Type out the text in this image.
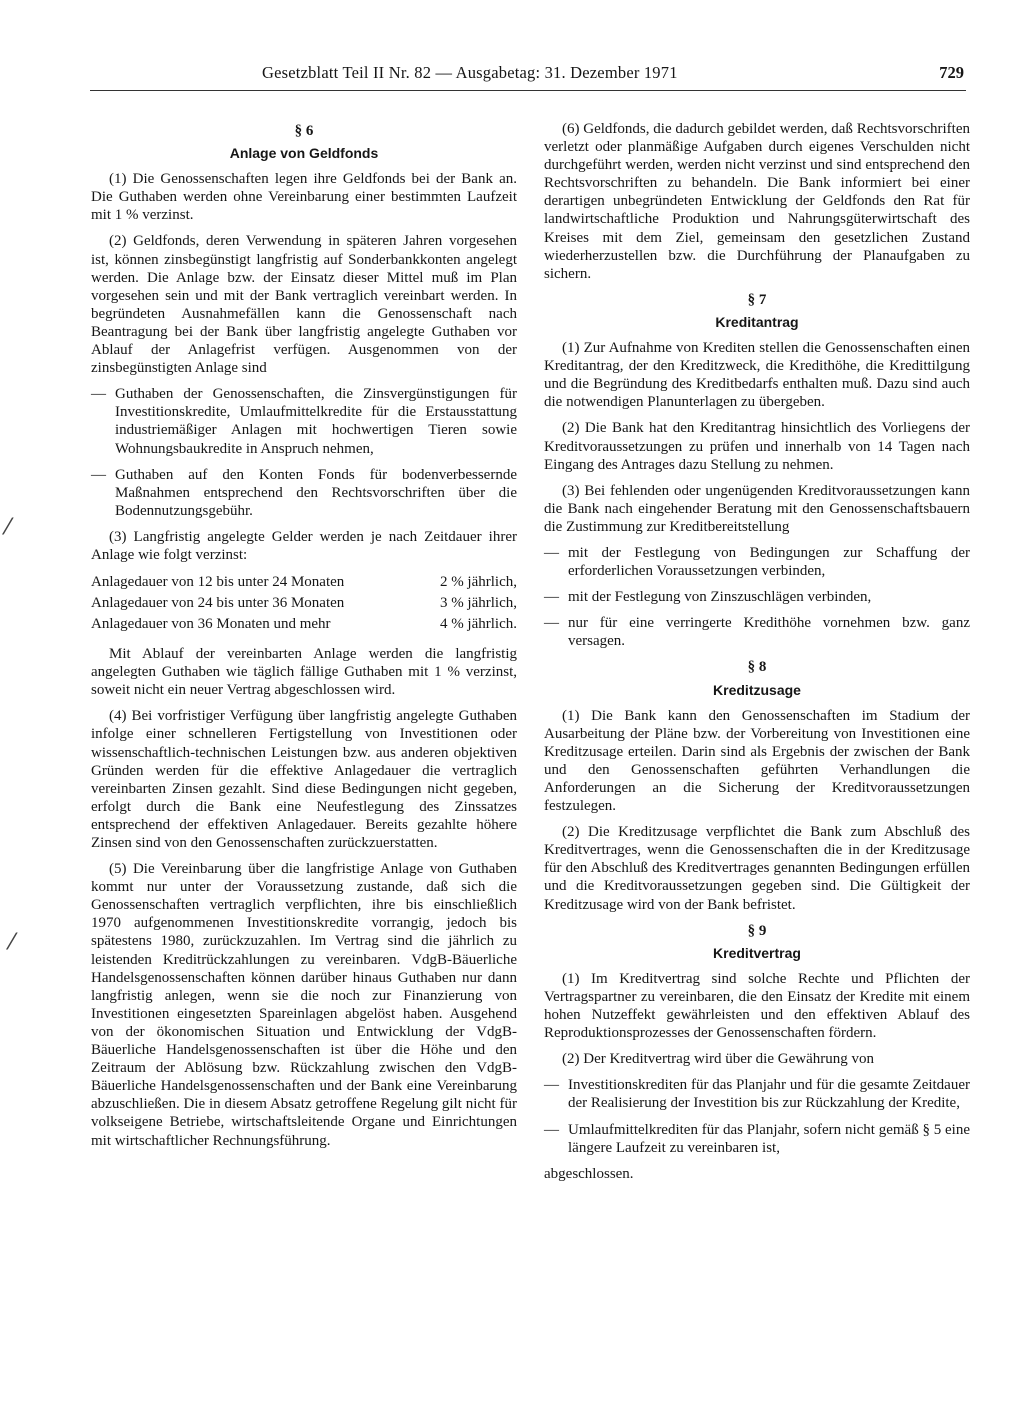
Gesetzblatt Teil II Nr. 82 — Ausgabetag: 31. Dezember 1971	729
⁄
⁄
§ 6
Anlage von Geldfonds

(1) Die Genossenschaften legen ihre Geldfonds bei der Bank an. Die Guthaben werden ohne Vereinbarung einer bestimmten Laufzeit mit 1 % verzinst.

(2) Geldfonds, deren Verwendung in späteren Jahren vorgesehen ist, können zinsbegünstigt langfristig auf Sonderbankkonten angelegt werden. Die Anlage bzw. der Einsatz dieser Mittel muß im Plan vorgesehen sein und mit der Bank vertraglich vereinbart werden. In begründeten Ausnahmefällen kann die Genossenschaft nach Beantragung bei der Bank über langfristig angelegte Guthaben vor Ablauf der Anlagefrist verfügen. Ausgenommen von der zinsbegünstigten Anlage sind

— Guthaben der Genossenschaften, die Zinsvergünstigungen für Investitionskredite, Umlaufmittelkredite für die Erstausstattung industriemäßiger Anlagen mit hochwertigen Tieren sowie Wohnungsbaukredite in Anspruch nehmen,
— Guthaben auf den Konten Fonds für bodenverbessernde Maßnahmen entsprechend den Rechtsvorschriften über die Bodennutzungsgebühr.

(3) Langfristig angelegte Gelder werden je nach Zeitdauer ihrer Anlage wie folgt verzinst:

Anlagedauer von 12 bis unter 24 Monaten	2 % jährlich,
Anlagedauer von 24 bis unter 36 Monaten	3 % jährlich,
Anlagedauer von 36 Monaten und mehr	4 % jährlich.

Mit Ablauf der vereinbarten Anlage werden die langfristig angelegten Guthaben wie täglich fällige Guthaben mit 1 % verzinst, soweit nicht ein neuer Vertrag abgeschlossen wird.

(4) Bei vorfristiger Verfügung über langfristig angelegte Guthaben infolge einer schnelleren Fertigstellung von Investitionen oder wissenschaftlich-technischen Leistungen bzw. aus anderen objektiven Gründen werden für die effektive Anlagedauer die vertraglich vereinbarten Zinsen gezahlt. Sind diese Bedingungen nicht gegeben, erfolgt durch die Bank eine Neufestlegung des Zinssatzes entsprechend der effektiven Anlagedauer. Bereits gezahlte höhere Zinsen sind von den Genossenschaften zurückzuerstatten.

(5) Die Vereinbarung über die langfristige Anlage von Guthaben kommt nur unter der Voraussetzung zustande, daß sich die Genossenschaften vertraglich verpflichten, ihre bis einschließlich 1970 aufgenommenen Investitionskredite vorrangig, jedoch bis spätestens 1980, zurückzuzahlen. Im Vertrag sind die jährlich zu leistenden Kreditrückzahlungen zu vereinbaren. VdgB-Bäuerliche Handelsgenossenschaften können darüber hinaus Guthaben nur dann langfristig anlegen, wenn sie die noch zur Finanzierung von Investitionen eingesetzten Spareinlagen abgelöst haben. Ausgehend von der ökonomischen Situation und Entwicklung der VdgB-Bäuerliche Handelsgenossenschaften ist über die Höhe und den Zeitraum der Ablösung bzw. Rückzahlung zwischen den VdgB-Bäuerliche Handelsgenossenschaften und der Bank eine Vereinbarung abzuschließen. Die in diesem Absatz getroffene Regelung gilt nicht für volkseigene Betriebe, wirtschaftsleitende Organe und Einrichtungen mit wirtschaftlicher Rechnungsführung.

(6) Geldfonds, die dadurch gebildet werden, daß Rechtsvorschriften verletzt oder planmäßige Aufgaben durch eigenes Verschulden nicht durchgeführt werden, werden nicht verzinst und sind entsprechend den Rechtsvorschriften zu behandeln. Die Bank informiert bei einer derartigen unbegründeten Entwicklung der Geldfonds den Rat für landwirtschaftliche Produktion und Nahrungsgüterwirtschaft des Kreises mit dem Ziel, gemeinsam den gesetzlichen Zustand wiederherzustellen bzw. die Durchführung der Planaufgaben zu sichern.

§ 7
Kreditantrag

(1) Zur Aufnahme von Krediten stellen die Genossenschaften einen Kreditantrag, der den Kreditzweck, die Kredithöhe, die Kredittilgung und die Begründung des Kreditbedarfs enthalten muß. Dazu sind auch die notwendigen Planunterlagen zu übergeben.

(2) Die Bank hat den Kreditantrag hinsichtlich des Vorliegens der Kreditvoraussetzungen zu prüfen und innerhalb von 14 Tagen nach Eingang des Antrages dazu Stellung zu nehmen.

(3) Bei fehlenden oder ungenügenden Kreditvoraussetzungen kann die Bank nach eingehender Beratung mit den Genossenschaftsbauern die Zustimmung zur Kreditbereitstellung

— mit der Festlegung von Bedingungen zur Schaffung der erforderlichen Voraussetzungen verbinden,
— mit der Festlegung von Zinszuschlägen verbinden,
— nur für eine verringerte Kredithöhe vornehmen bzw. ganz versagen.
§ 8
Kreditzusage

(1) Die Bank kann den Genossenschaften im Stadium der Ausarbeitung der Pläne bzw. der Vorbereitung von Investitionen eine Kreditzusage erteilen. Darin sind als Ergebnis der zwischen der Bank und den Genossenschaften geführten Verhandlungen die Anforderungen an die Sicherung der Kreditvoraussetzungen festzulegen.

(2) Die Kreditzusage verpflichtet die Bank zum Abschluß des Kreditvertrages, wenn die Genossenschaften die in der Kreditzusage für den Abschluß des Kreditvertrages genannten Bedingungen erfüllen und die Kreditvoraussetzungen gegeben sind. Die Gültigkeit der Kreditzusage wird von der Bank befristet.

§ 9
Kreditvertrag

(1) Im Kreditvertrag sind solche Rechte und Pflichten der Vertragspartner zu vereinbaren, die den Einsatz der Kredite mit einem hohen Nutzeffekt gewährleisten und den effektiven Ablauf des Reproduktionsprozesses der Genossenschaften fördern.

(2) Der Kreditvertrag wird über die Gewährung von

— Investitionskrediten für das Planjahr und für die gesamte Zeitdauer der Realisierung der Investition bis zur Rückzahlung der Kredite,
— Umlaufmittelkrediten für das Planjahr, sofern nicht gemäß § 5 eine längere Laufzeit zu vereinbaren ist,

abgeschlossen.
